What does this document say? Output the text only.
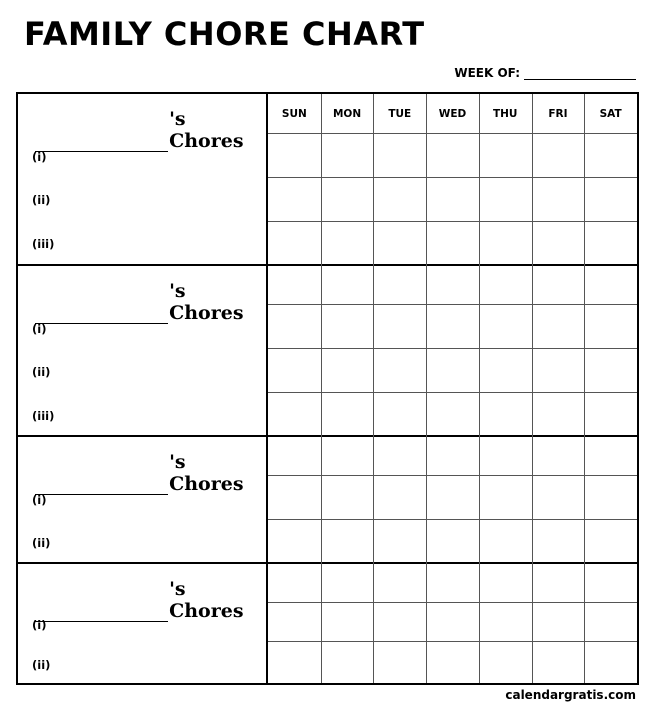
FAMILY CHORE CHART
WEEK OF:
's Chores
(i)
(ii)
(iii)
's Chores
(i)
(ii)
(iii)
's Chores
(i)
(ii)
's Chores
(i)
(ii)
SUN	MON	TUE	WED	THU	FRI	SAT
calendargratis.com
